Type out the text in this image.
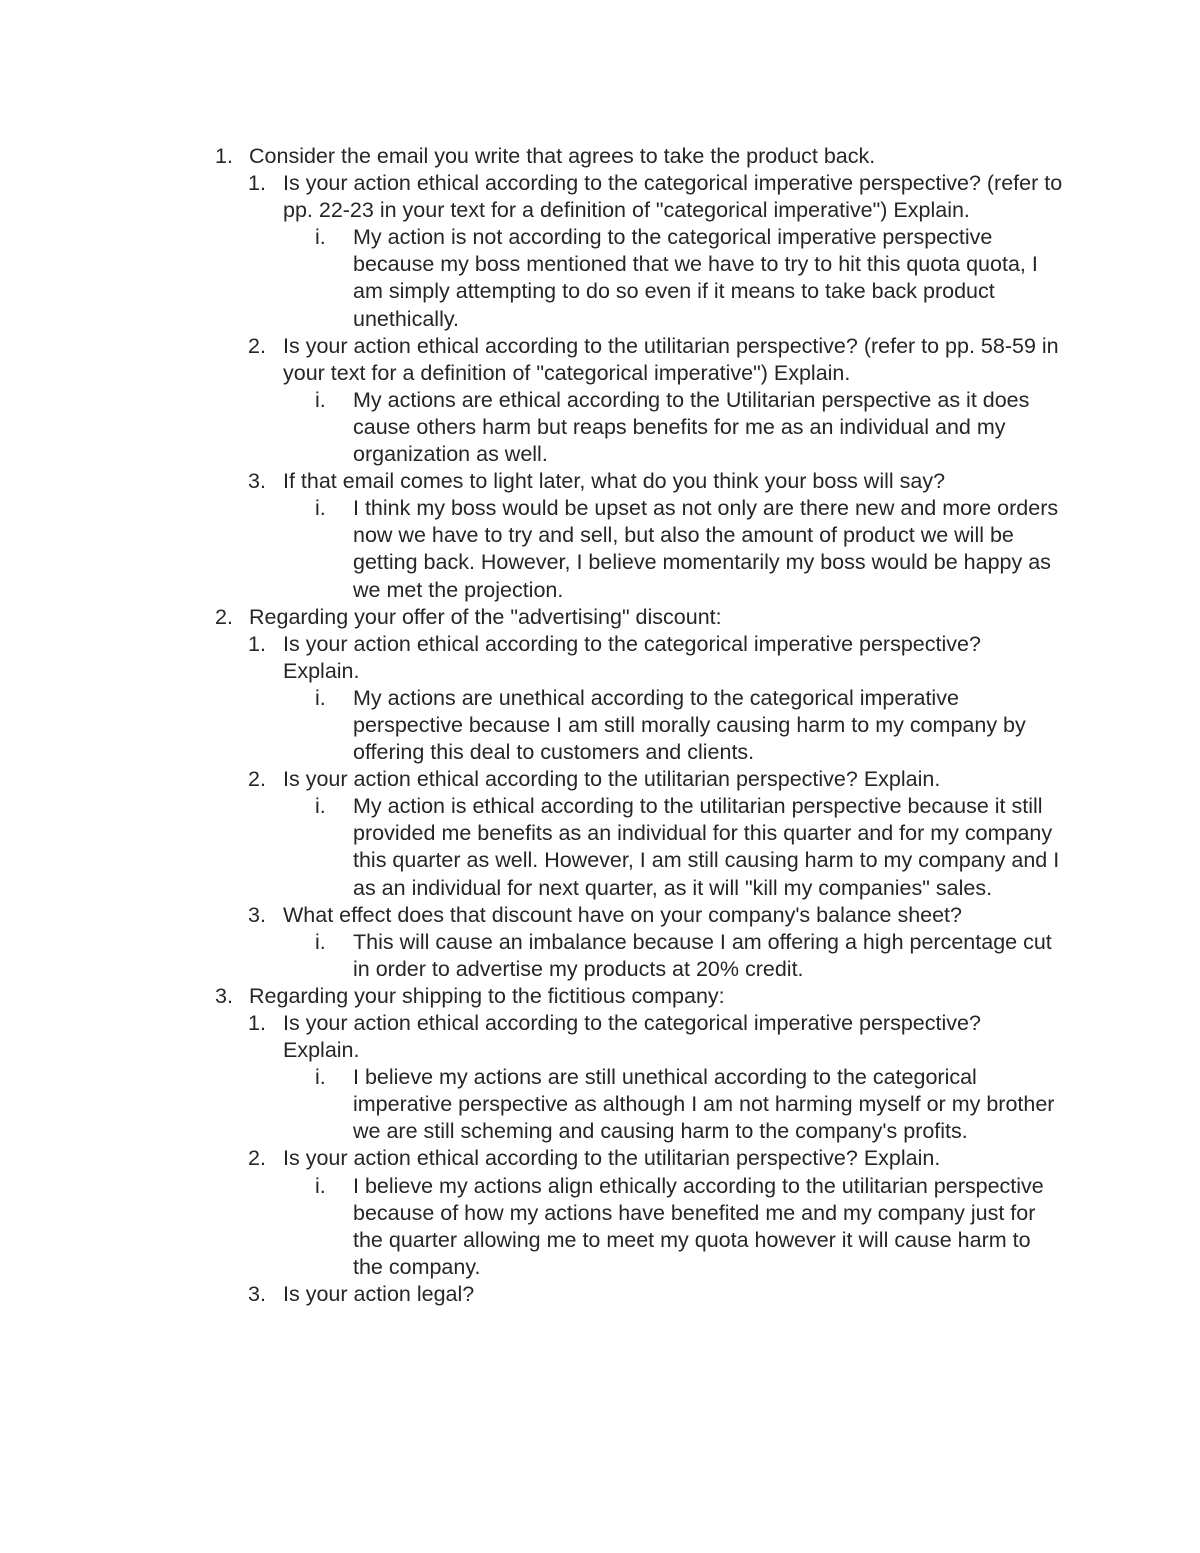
1. Consider the email you write that agrees to take the product back.
1. Is your action ethical according to the categorical imperative perspective? (refer to pp. 22-23 in your text for a definition of "categorical imperative") Explain.
i. My action is not according to the categorical imperative perspective because my boss mentioned that we have to try to hit this quota quota, I am simply attempting to do so even if it means to take back product unethically.
2. Is your action ethical according to the utilitarian perspective? (refer to pp. 58-59 in your text for a definition of "categorical imperative") Explain.
i. My actions are ethical according to the Utilitarian perspective as it does cause others harm but reaps benefits for me as an individual and my organization as well.
3. If that email comes to light later, what do you think your boss will say?
i. I think my boss would be upset as not only are there new and more orders now we have to try and sell, but also the amount of product we will be getting back. However, I believe momentarily my boss would be happy as we met the projection.
2. Regarding your offer of the "advertising" discount:
1. Is your action ethical according to the categorical imperative perspective? Explain.
i. My actions are unethical according to the categorical imperative perspective because I am still morally causing harm to my company by offering this deal to customers and clients.
2. Is your action ethical according to the utilitarian perspective? Explain.
i. My action is ethical according to the utilitarian perspective because it still provided me benefits as an individual for this quarter and for my company this quarter as well. However, I am still causing harm to my company and I as an individual for next quarter, as it will "kill my companies" sales.
3. What effect does that discount have on your company's balance sheet?
i. This will cause an imbalance because I am offering a high percentage cut in order to advertise my products at 20% credit.
3. Regarding your shipping to the fictitious company:
1. Is your action ethical according to the categorical imperative perspective? Explain.
i. I believe my actions are still unethical according to the categorical imperative perspective as although I am not harming myself or my brother we are still scheming and causing harm to the company's profits.
2. Is your action ethical according to the utilitarian perspective? Explain.
i. I believe my actions align ethically according to the utilitarian perspective because of how my actions have benefited me and my company just for the quarter allowing me to meet my quota however it will cause harm to the company.
3. Is your action legal?
